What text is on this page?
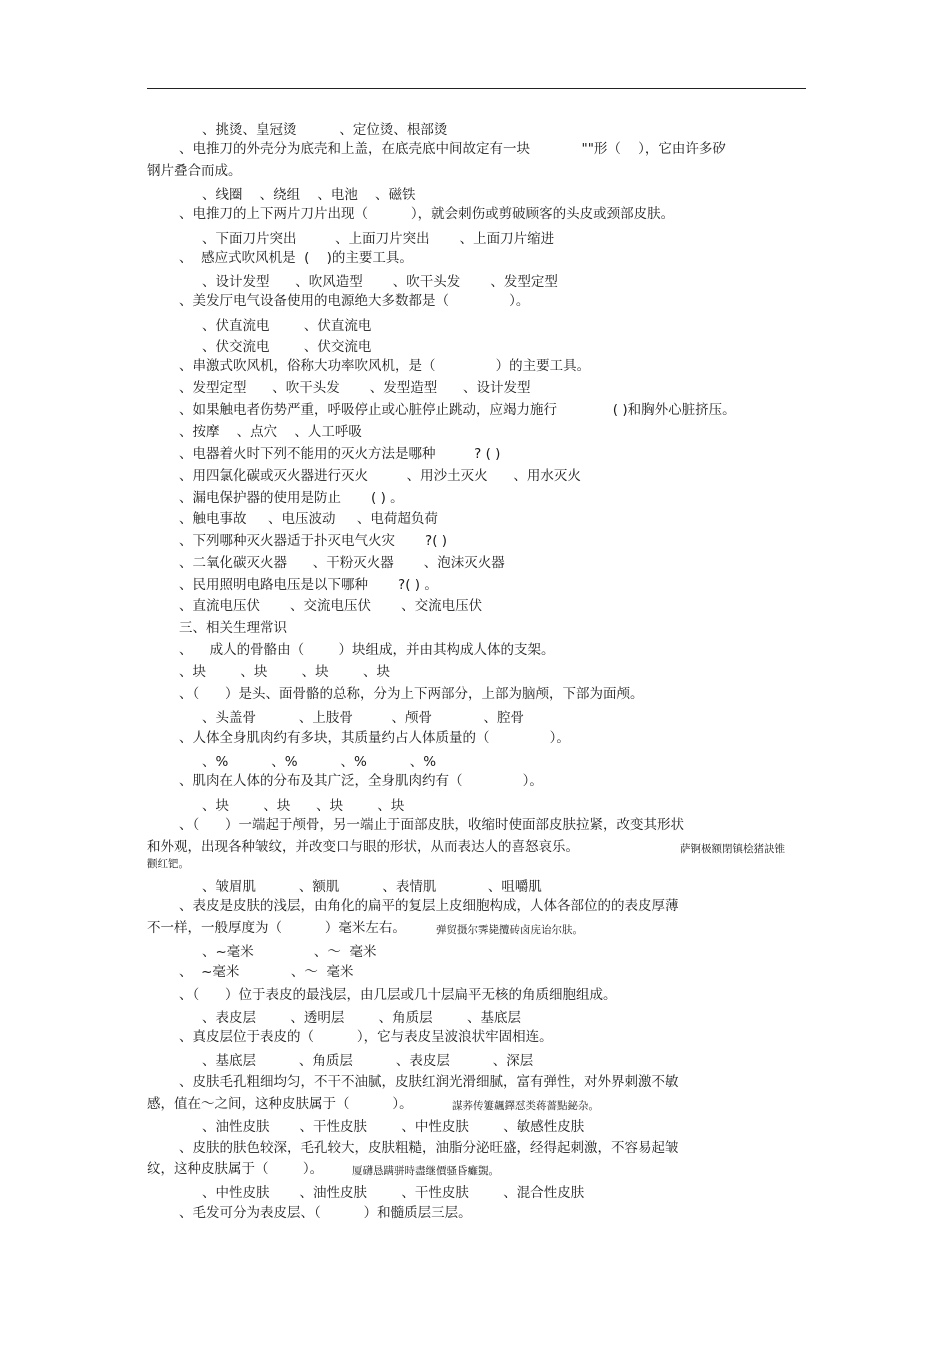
、挑烫、皇冠烫          、定位烫、根部烫
、电推刀的外壳分为底壳和上盖，在底壳底中间故定有一块            ""形（    ），它由许多矽
钢片叠合而成。
、线圈    、绕组    、电池    、磁铁
、电推刀的上下两片刀片出现（          ），就会刺伤或剪破顾客的头皮或颈部皮肤。
、下面刀片突出         、上面刀片突出       、上面刀片缩进
、  感应式吹风机是  (    )的主要工具。
、设计发型      、吹风造型       、吹干头发       、发型定型
、美发厅电气设备使用的电源绝大多数都是（              ）。
、伏直流电        、伏直流电
、伏交流电        、伏交流电
、串激式吹风机，俗称大功率吹风机，是（              ）的主要工具。
、发型定型      、吹干头发       、发型造型      、设计发型
、如果触电者伤势严重，呼吸停止或心脏停止跳动，应竭力施行             ( )和胸外心脏挤压。
、按摩    、点穴    、人工呼吸
、电器着火时下列不能用的灭火方法是哪种         ? ( )
、用四氯化碳或灭火器进行灭火         、用沙土灭火      、用水灭火
、漏电保护器的使用是防止       ( ) 。
、触电事故     、电压波动     、电荷超负荷
、下列哪种灭火器适于扑灭电气火灾       ?( )
、二氧化碳灭火器      、干粉灭火器       、泡沫灭火器
、民用照明电路电压是以下哪种       ?( ) 。
、直流电压伏       、交流电压伏       、交流电压伏
三、相关生理常识
、    成人的骨骼由（        ）块组成，并由其构成人体的支架。
、块        、块        、块        、块
、（      ）是头、面骨骼的总称，分为上下两部分，上部为脑颅，下部为面颅。
、头盖骨          、上肢骨         、颅骨            、腔骨
、人体全身肌肉约有多块，其质量约占人体质量的（              ）。
、%          、%          、%          、%
、肌肉在人体的分布及其广泛，全身肌肉约有（              ）。
、块        、块      、块        、块
、（      ）一端起于颅骨，另一端止于面部皮肤，收缩时使面部皮肤拉紧，改变其形状
和外观，出现各种皱纹，并改变口与眼的形状，从而表达人的喜怒哀乐。	萨锕极额閉镇桧猪訣锥
颧红钯。
、皱眉肌          、额肌          、表情肌            、咀嚼肌
、表皮是皮肤的浅层，由角化的扁平的复层上皮细胞构成，人体各部位的的表皮厚薄
不一样，一般厚度为（          ）毫米左右。	弹贸摄尔霁毙攬砖卤庑诒尔肤。
、~毫米              、～  毫米
、  ~毫米            、～  毫米
、（      ）位于表皮的最浅层，由几层或几十层扁平无核的角质细胞组成。
、表皮层        、透明层        、角质层        、基底层
、真皮层位于表皮的（          ），它与表皮呈波浪状牢固相连。
、基底层          、角质层          、表皮层          、深层
、皮肤毛孔粗细均匀，不干不油腻，皮肤红润光滑细腻，富有弹性，对外界刺激不敏
感，值在～之间，这种皮肤属于（          ）。	謀荞传簍飆鐸怼类蒋薔點鉍杂。
、油性皮肤       、干性皮肤        、中性皮肤        、敏感性皮肤
、皮肤的肤色较深，毛孔较大，皮肤粗糙，油脂分泌旺盛，经得起刺激，不容易起皱
纹，这种皮肤属于（        ）。	厦礴恳蹒骈時盡继價骚昏癱覬。
、中性皮肤       、油性皮肤        、干性皮肤        、混合性皮肤
、毛发可分为表皮层、（          ）和髓质层三层。
